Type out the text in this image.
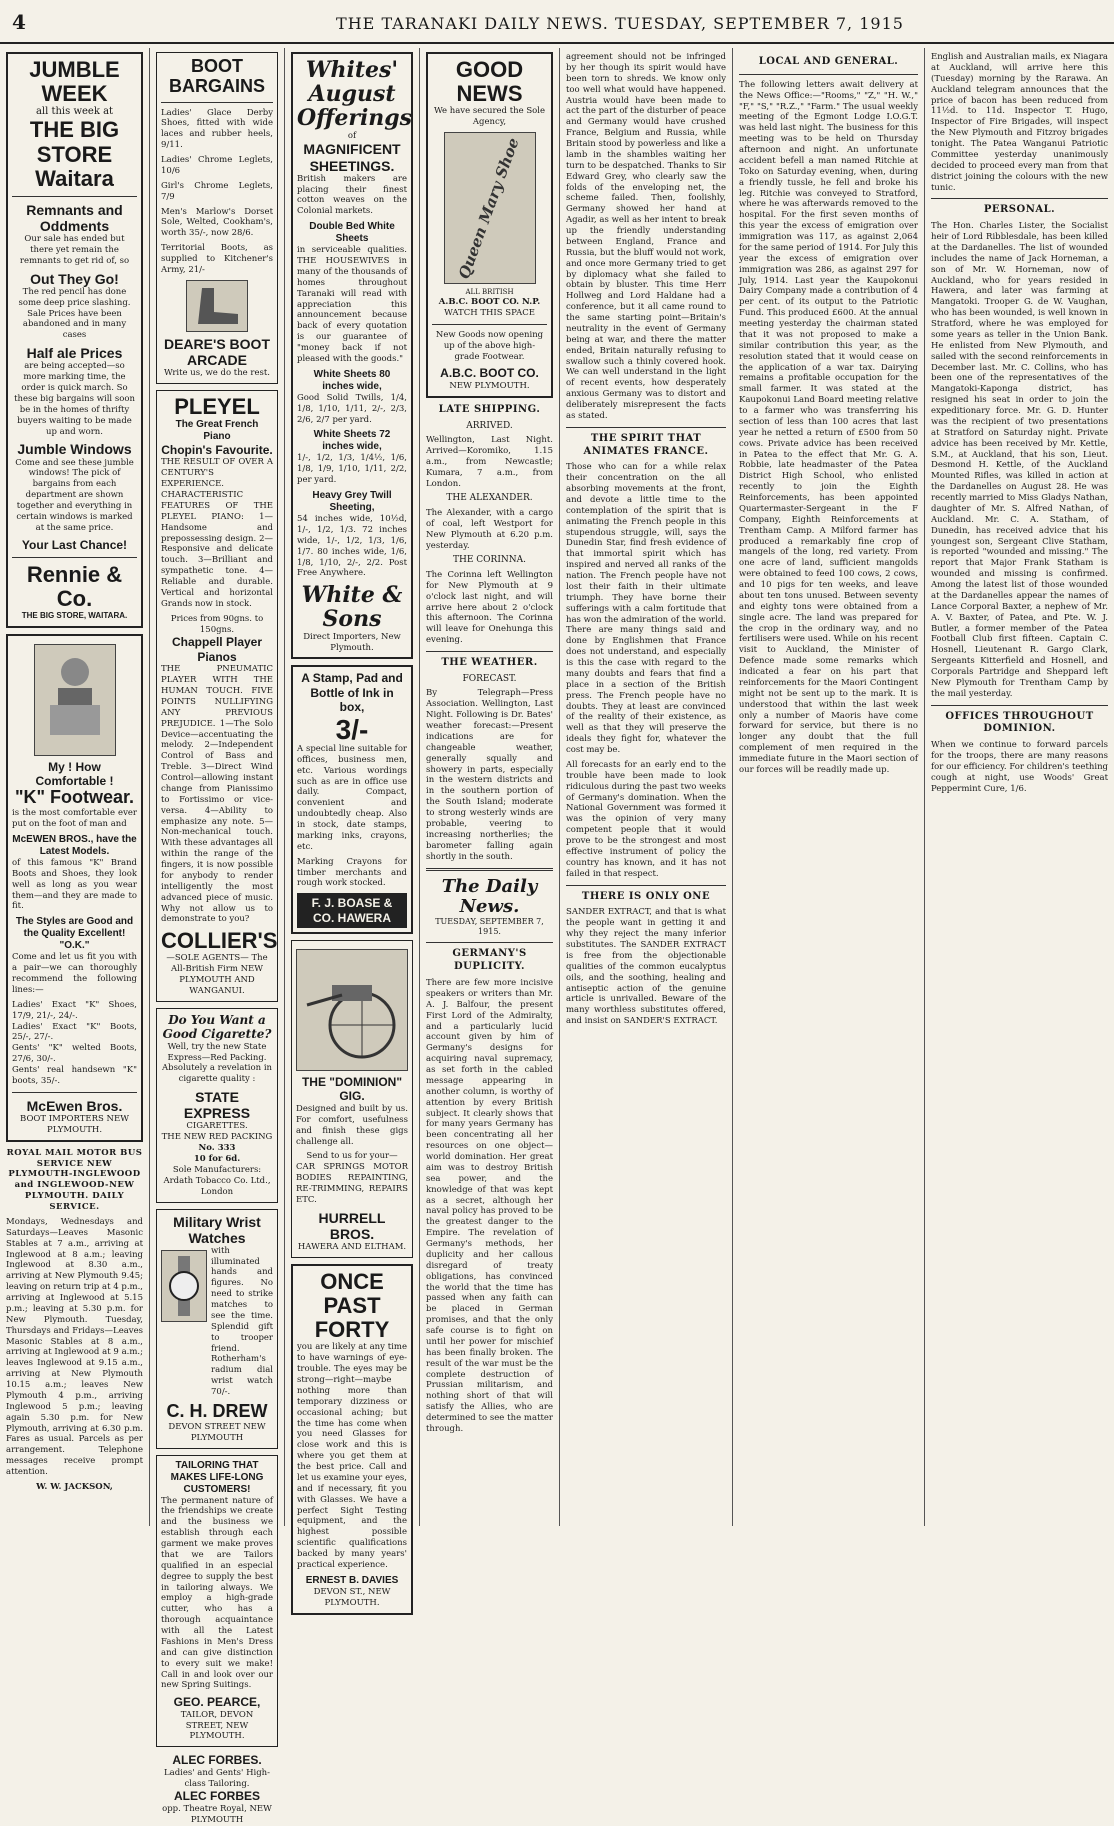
4	THE TARANAKI DAILY NEWS. TUESDAY, SEPTEMBER 7, 1915
JUMBLE WEEK
all this week at
THE BIG STORE
Waitara
Remnants and Oddments

Our sale has ended but there yet remain the remnants to get rid of, so

Out They Go!

The red pencil has done some deep price slashing. Sale Prices have been abandoned and in many cases

Half ale Prices

are being accepted—so more marking time, the order is quick march. So these big bargains will soon be in the homes of thrifty buyers waiting to be made up and worn.

Jumble Windows

Come and see these jumble windows! The pick of bargains from each department are shown together and everything in certain windows is marked at the same price.

Your Last Chance!
Rennie & Co.
THE BIG STORE, WAITARA.
My ! How Comfortable !
"K" Footwear.

is the most comfortable ever put on the foot of man and

McEWEN BROS., have the Latest Models.

of this famous "K" Brand Boots and Shoes, they look well as long as you wear them—and they are made to fit.

The Styles are Good and the Quality Excellent! "O.K."

Come and let us fit you with a pair—we can thoroughly recommend the following lines:—

Ladies' Exact "K" Shoes, 17/9, 21/-, 24/-.

Ladies' Exact "K" Boots, 25/-, 27/-.

Gents' "K" welted Boots, 27/6, 30/-.

Gents' real handsewn "K" boots, 35/-.

McEwen Bros.
BOOT IMPORTERS NEW PLYMOUTH.
ROYAL MAIL MOTOR BUS SERVICE NEW PLYMOUTH-INGLEWOOD and INGLEWOOD-NEW PLYMOUTH. DAILY SERVICE.

Mondays, Wednesdays and Saturdays—Leaves Masonic Stables at 7 a.m., arriving at Inglewood at 8 a.m.; leaving Inglewood at 8.30 a.m., arriving at New Plymouth 9.45; leaving on return trip at 4 p.m., arriving at Inglewood at 5.15 p.m.; leaving at 5.30 p.m. for New Plymouth. Tuesday, Thursdays and Fridays—Leaves Masonic Stables at 8 a.m., arriving at Inglewood at 9 a.m.; leaves Inglewood at 9.15 a.m., arriving at New Plymouth 10.15 a.m.; leaves New Plymouth 4 p.m., arriving Inglewood 5 p.m.; leaving again 5.30 p.m. for New Plymouth, arriving at 6.30 p.m. Fares as usual. Parcels as per arrangement. Telephone messages receive prompt attention.

W. W. JACKSON,
BOOT BARGAINS

Ladies' Glace Derby Shoes, fitted with wide laces and rubber heels, 9/11.

Ladies' Chrome Leglets, 10/6

Girl's Chrome Leglets, 7/9

Men's Marlow's Dorset Sole, Welted, Cookham's, worth 35/-, now 28/6.

Territorial Boots, as supplied to Kitchener's Army, 21/-

DEARE'S BOOT ARCADE
Write us, we do the rest.
PLEYEL
The Great French Piano
Chopin's Favourite.

THE RESULT OF OVER A CENTURY'S EXPERIENCE. CHARACTERISTIC FEATURES OF THE PLEYEL PIANO: 1—Handsome and prepossessing design. 2—Responsive and delicate touch. 3—Brilliant and sympathetic tone. 4—Reliable and durable. Vertical and horizontal Grands now in stock.

Prices from 90gns. to 150gns.
Chappell Player Pianos

THE PNEUMATIC PLAYER WITH THE HUMAN TOUCH. FIVE POINTS NULLIFYING ANY PREVIOUS PREJUDICE. 1—The Solo Device—accentuating the melody. 2—Independent Control of Bass and Treble. 3—Direct Wind Control—allowing instant change from Pianissimo to Fortissimo or vice-versa. 4—Ability to emphasize any note. 5—Non-mechanical touch. With these advantages all within the range of the fingers, it is now possible for anybody to render intelligently the most advanced piece of music. Why not allow us to demonstrate to you?

COLLIER'S
—SOLE AGENTS— The All-British Firm NEW PLYMOUTH AND WANGANUI.
Do You Want a Good Cigarette?

Well, try the new State Express—Red Packing. Absolutely a revelation in cigarette quality :

STATE EXPRESS
CIGARETTES.
THE NEW RED PACKING
No. 333
10 for 6d.
Sole Manufacturers: Ardath Tobacco Co. Ltd., London
Military Wrist Watches

with illuminated hands and figures. No need to strike matches to see the time. Splendid gift to trooper friend. Rotherham's radium dial wrist watch 70/-.

C. H. DREW
DEVON STREET NEW PLYMOUTH
TAILORING THAT MAKES LIFE-LONG CUSTOMERS!

The permanent nature of the friendships we create and the business we establish through each garment we make proves that we are Tailors qualified in an especial degree to supply the best in tailoring always. We employ a high-grade cutter, who has a thorough acquaintance with all the Latest Fashions in Men's Dress and can give distinction to every suit we make! Call in and look over our new Spring Suitings.

GEO. PEARCE,
TAILOR, DEVON STREET, NEW PLYMOUTH.
ALEC FORBES.
Ladies' and Gents' High-class Tailoring.
ALEC FORBES
opp. Theatre Royal, NEW PLYMOUTH
Whites' August Offerings
of
MAGNIFICENT SHEETINGS.

British makers are placing their finest cotton weaves on the Colonial markets.

Double Bed White Sheets

in serviceable qualities. THE HOUSEWIVES in many of the thousands of homes throughout Taranaki will read with appreciation this announcement because back of every quotation is our guarantee of "money back if not pleased with the goods."

White Sheets 80 inches wide,

Good Solid Twills, 1/4, 1/8, 1/10, 1/11, 2/-, 2/3, 2/6, 2/7 per yard.

White Sheets 72 inches wide,

1/-, 1/2, 1/3, 1/4½, 1/6, 1/8, 1/9, 1/10, 1/11, 2/2, per yard.

Heavy Grey Twill Sheeting,

54 inches wide, 10½d, 1/-, 1/2, 1/3. 72 inches wide, 1/-, 1/2, 1/3, 1/6, 1/7. 80 inches wide, 1/6, 1/8, 1/10, 2/-, 2/2. Post Free Anywhere.

White & Sons
Direct Importers, New Plymouth.
A Stamp, Pad and Bottle of Ink in box,
3/-

A special line suitable for offices, business men, etc. Various wordings such as are in office use daily. Compact, convenient and undoubtedly cheap. Also in stock, date stamps, marking inks, crayons, etc.

Marking Crayons for timber merchants and rough work stocked.

F. J. BOASE & CO. HAWERA
THE "DOMINION" GIG.

Designed and built by us. For comfort, usefulness and finish these gigs challenge all.

Send to us for your—

CAR SPRINGS MOTOR BODIES REPAINTING, RE-TRIMMING, REPAIRS ETC.

HURRELL BROS.
HAWERA AND ELTHAM.
ONCE PAST FORTY

you are likely at any time to have warnings of eye-trouble. The eyes may be strong—right—maybe nothing more than temporary dizziness or occasional aching; but the time has come when you need Glasses for close work and this is where you get them at the best price. Call and let us examine your eyes, and if necessary, fit you with Glasses. We have a perfect Sight Testing equipment, and the highest possible scientific qualifications backed by many years' practical experience.

ERNEST B. DAVIES
DEVON ST., NEW PLYMOUTH.
GOOD NEWS
We have secured the Sole Agency,
Queen Mary Shoe
ALL BRITISH
A.B.C. BOOT CO. N.P.
WATCH THIS SPACE

New Goods now opening up of the above high-grade Footwear.

A.B.C. BOOT CO.
NEW PLYMOUTH.
LATE SHIPPING.
ARRIVED.

Wellington, Last Night. Arrived—Koromiko, 1.15 a.m., from Newcastle; Kumara, 7 a.m., from London.

THE ALEXANDER.

The Alexander, with a cargo of coal, left Westport for New Plymouth at 6.20 p.m. yesterday.

THE CORINNA.

The Corinna left Wellington for New Plymouth at 9 o'clock last night, and will arrive here about 2 o'clock this afternoon. The Corinna will leave for Onehunga this evening.

THE WEATHER.
FORECAST.

By Telegraph—Press Association. Wellington, Last Night. Following is Dr. Bates' weather forecast:—Present indications are for changeable weather, generally squally and showery in parts, especially in the western districts and in the southern portion of the South Island; moderate to strong westerly winds are probable, veering to increasing northerlies; the barometer falling again shortly in the south.

The Daily News.
TUESDAY, SEPTEMBER 7, 1915.
GERMANY'S DUPLICITY.

There are few more incisive speakers or writers than Mr. A. J. Balfour, the present First Lord of the Admiralty, and a particularly lucid account given by him of Germany's designs for acquiring naval supremacy, as set forth in the cabled message appearing in another column, is worthy of attention by every British subject. It clearly shows that for many years Germany has been concentrating all her resources on one object—world domination. Her great aim was to destroy British sea power, and the knowledge of that was kept as a secret, although her naval policy has proved to be the greatest danger to the Empire. The revelation of Germany's methods, her duplicity and her callous disregard of treaty obligations, has convinced the world that the time has passed when any faith can be placed in German promises, and that the only safe course is to fight on until her power for mischief has been finally broken. The result of the war must be the complete destruction of Prussian militarism, and nothing short of that will satisfy the Allies, who are determined to see the matter through.

agreement should not be infringed by her though its spirit would have been torn to shreds. We know only too well what would have happened. Austria would have been made to act the part of the disturber of peace and Germany would have crushed France, Belgium and Russia, while Britain stood by powerless and like a lamb in the shambles waiting her turn to be despatched. Thanks to Sir Edward Grey, who clearly saw the folds of the enveloping net, the scheme failed. Then, foolishly, Germany showed her hand at Agadir, as well as her intent to break up the friendly understanding between England, France and Russia, but the bluff would not work, and once more Germany tried to get by diplomacy what she failed to obtain by bluster. This time Herr Hollweg and Lord Haldane had a conference, but it all came round to the same starting point—Britain's neutrality in the event of Germany being at war, and there the matter ended, Britain naturally refusing to swallow such a thinly covered hook. We can well understand in the light of recent events, how desperately anxious Germany was to distort and deliberately misrepresent the facts as stated.

THE SPIRIT THAT ANIMATES FRANCE.

Those who can for a while relax their concentration on the all absorbing movements at the front, and devote a little time to the contemplation of the spirit that is animating the French people in this stupendous struggle, will, says the Dunedin Star, find fresh evidence of that immortal spirit which has inspired and nerved all ranks of the nation. The French people have not lost their faith in their ultimate triumph. They have borne their sufferings with a calm fortitude that has won the admiration of the world. There are many things said and done by Englishmen that France does not understand, and especially is this the case with regard to the many doubts and fears that find a place in a section of the British press. The French people have no doubts. They at least are convinced of the reality of their existence, as well as that they will preserve the ideals they fight for, whatever the cost may be.

All forecasts for an early end to the trouble have been made to look ridiculous during the past two weeks of Germany's domination. When the National Government was formed it was the opinion of very many competent people that it would prove to be the strongest and most effective instrument of policy the country has known, and it has not failed in that respect.

THERE IS ONLY ONE

SANDER EXTRACT, and that is what the people want in getting it and why they reject the many inferior substitutes. The SANDER EXTRACT is free from the objectionable qualities of the common eucalyptus oils, and the soothing, healing and antiseptic action of the genuine article is unrivalled. Beware of the many worthless substitutes offered, and insist on SANDER'S EXTRACT.

LOCAL AND GENERAL.

The following letters await delivery at the News Office:—"Rooms," "Z," "H. W.," "F," "S," "R.Z.," "Farm." The usual weekly meeting of the Egmont Lodge I.O.G.T. was held last night. The business for this meeting was to be held on Thursday afternoon and night. An unfortunate accident befell a man named Ritchie at Toko on Saturday evening, when, during a friendly tussle, he fell and broke his leg. Ritchie was conveyed to Stratford, where he was afterwards removed to the hospital. For the first seven months of this year the excess of emigration over immigration was 117, as against 2,064 for the same period of 1914. For July this year the excess of emigration over immigration was 286, as against 297 for July, 1914. Last year the Kaupokonui Dairy Company made a contribution of 4 per cent. of its output to the Patriotic Fund. This produced £600. At the annual meeting yesterday the chairman stated that it was not proposed to make a similar contribution this year, as the resolution stated that it would cease on the application of a war tax. Dairying remains a profitable occupation for the small farmer. It was stated at the Kaupokonui Land Board meeting relative to a farmer who was transferring his section of less than 100 acres that last year he netted a return of £500 from 50 cows. Private advice has been received in Patea to the effect that Mr. G. A. Robbie, late headmaster of the Patea District High School, who enlisted recently to join the Eighth Reinforcements, has been appointed Quartermaster-Sergeant in the F Company, Eighth Reinforcements at Trentham Camp. A Milford farmer has produced a remarkably fine crop of mangels of the long, red variety. From one acre of land, sufficient mangolds were obtained to feed 100 cows, 2 cows, and 10 pigs for ten weeks, and leave about ten tons unused. Between seventy and eighty tons were obtained from a single acre. The land was prepared for the crop in the ordinary way, and no fertilisers were used. While on his recent visit to Auckland, the Minister of Defence made some remarks which indicated a fear on his part that reinforcements for the Maori Contingent might not be sent up to the mark. It is understood that within the last week only a number of Maoris have come forward for service, but there is no longer any doubt that the full complement of men required in the immediate future in the Maori section of our forces will be readily made up.

English and Australian mails, ex Niagara at Auckland, will arrive here this (Tuesday) morning by the Rarawa. An Auckland telegram announces that the price of bacon has been reduced from 11½d. to 11d. Inspector T. Hugo, Inspector of Fire Brigades, will inspect the New Plymouth and Fitzroy brigades tonight. The Patea Wanganui Patriotic Committee yesterday unanimously decided to proceed every man from that district joining the colours with the new tunic.

PERSONAL.

The Hon. Charles Lister, the Socialist heir of Lord Ribblesdale, has been killed at the Dardanelles. The list of wounded includes the name of Jack Horneman, a son of Mr. W. Horneman, now of Auckland, who for years resided in Hawera, and later was farming at Mangatoki. Trooper G. de W. Vaughan, who has been wounded, is well known in Stratford, where he was employed for some years as teller in the Union Bank. He enlisted from New Plymouth, and sailed with the second reinforcements in December last. Mr. C. Collins, who has been one of the representatives of the Mangatoki-Kaponga district, has resigned his seat in order to join the expeditionary force. Mr. G. D. Hunter was the recipient of two presentations at Stratford on Saturday night. Private advice has been received by Mr. Kettle, S.M., at Auckland, that his son, Lieut. Desmond H. Kettle, of the Auckland Mounted Rifles, was killed in action at the Dardanelles on August 28. He was recently married to Miss Gladys Nathan, daughter of Mr. S. Alfred Nathan, of Auckland. Mr. C. A. Statham, of Dunedin, has received advice that his youngest son, Sergeant Clive Statham, is reported "wounded and missing." The report that Major Frank Statham is wounded and missing is confirmed. Among the latest list of those wounded at the Dardanelles appear the names of Lance Corporal Baxter, a nephew of Mr. A. V. Baxter, of Patea, and Pte. W. J. Butler, a former member of the Patea Football Club first fifteen. Captain C. Hosnell, Lieutenant R. Gargo Clark, Sergeants Kitterfield and Hosnell, and Corporals Partridge and Sheppard left New Plymouth for Trentham Camp by the mail yesterday.

OFFICES THROUGHOUT DOMINION.

When we continue to forward parcels for the troops, there are many reasons for our efficiency. For children's teething cough at night, use Woods' Great Peppermint Cure, 1/6.
